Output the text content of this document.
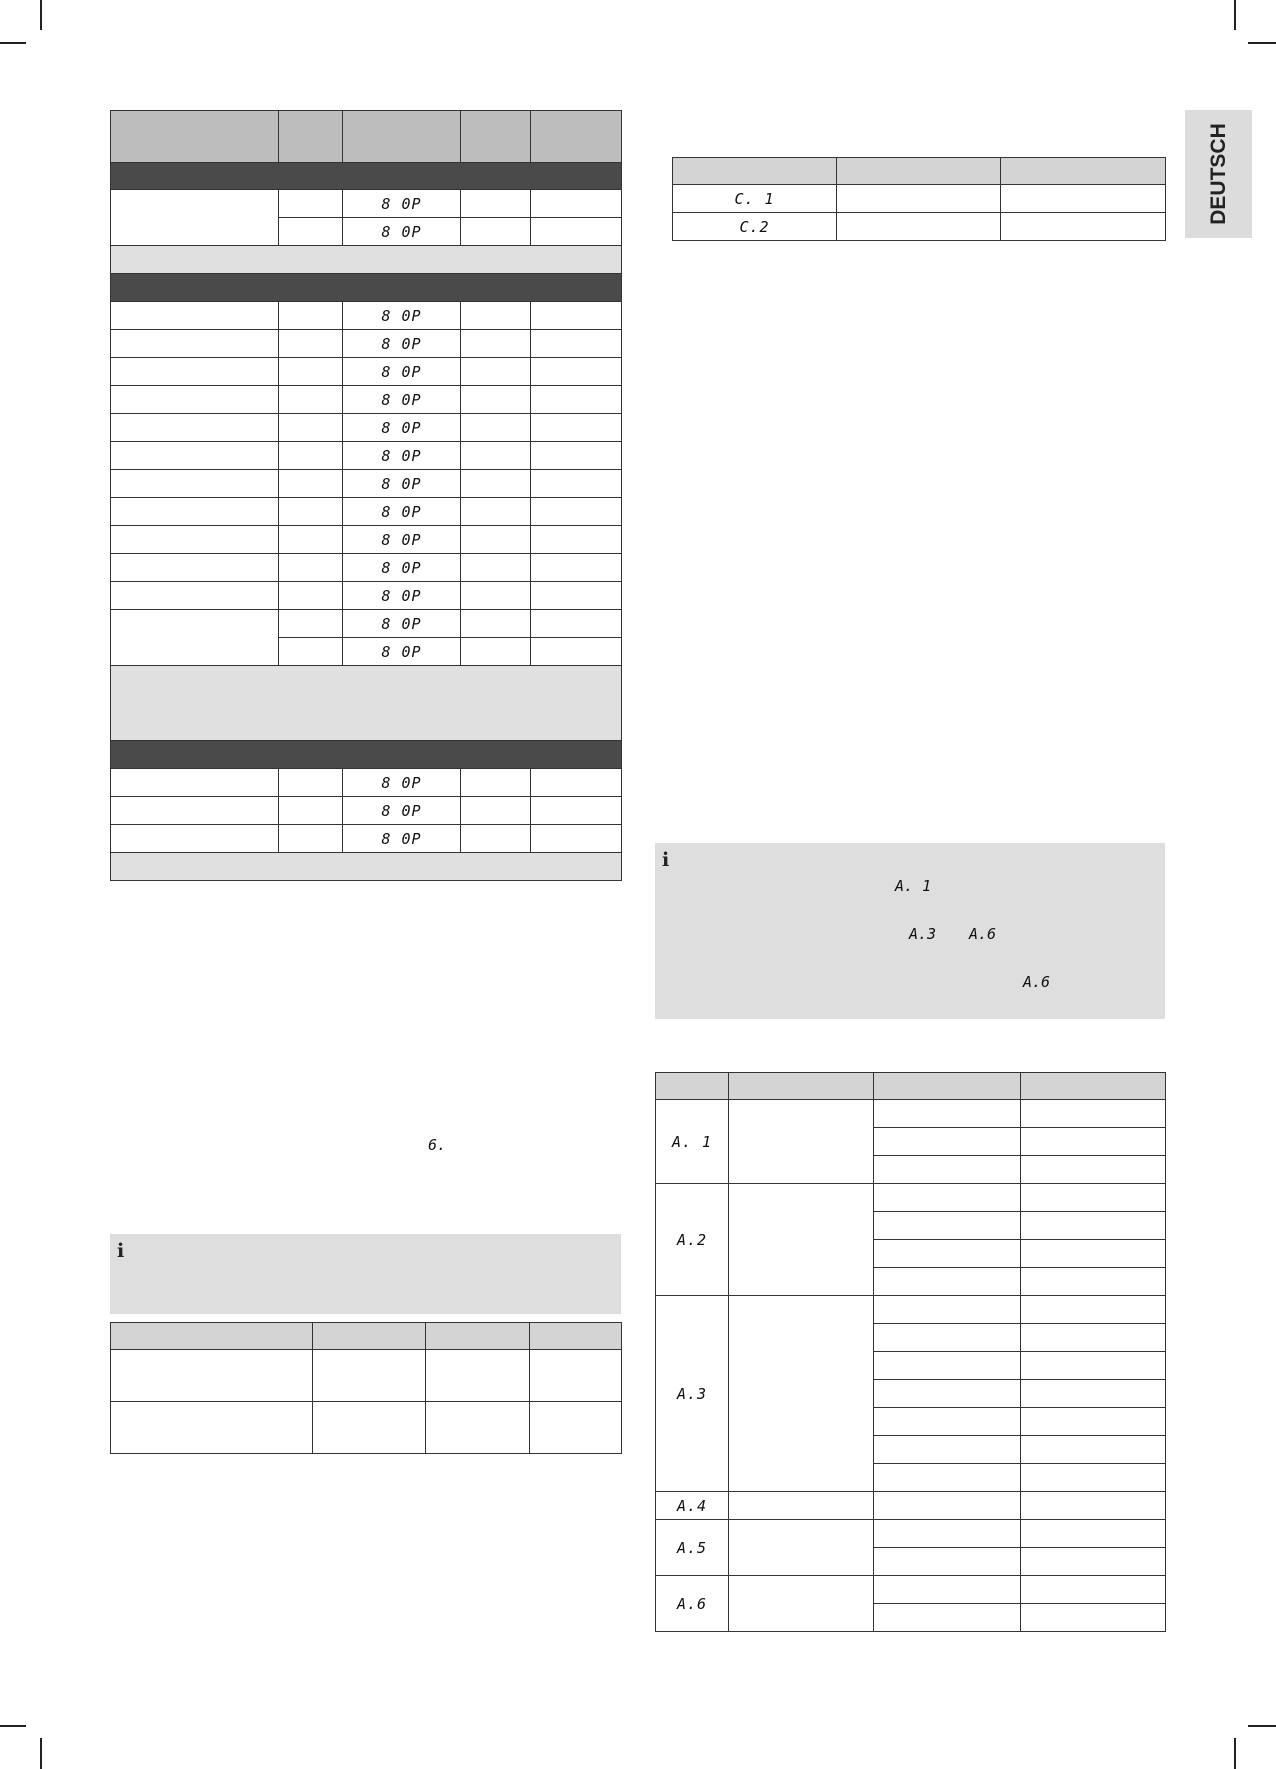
DEUTSCH

		8 0P		
		8 0P		

		8 0P		
		8 0P		
		8 0P		
		8 0P		
		8 0P		
		8 0P		
		8 0P		
		8 0P		
		8 0P		
		8 0P		
		8 0P		
		8 0P		
		8 0P		

		8 0P		
		8 0P		
		8 0P		

6.
i

C. 1		
C.2		
i
A. 1
A.3 A.6
A.6

A. 1			

A.2			

A.3			

A.4			
A.5			

A.6			
